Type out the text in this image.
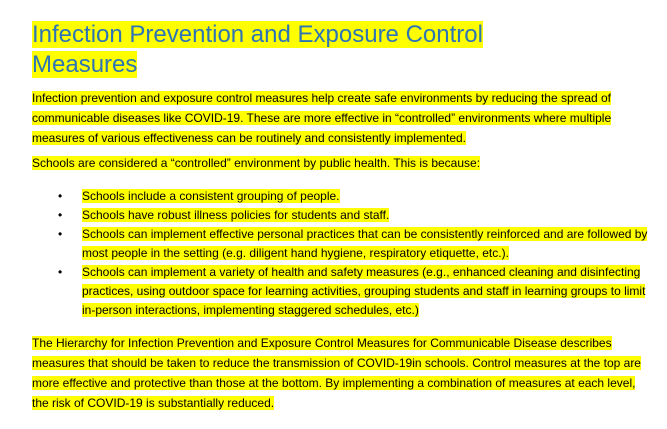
Infection Prevention and Exposure Control Measures

Infection prevention and exposure control measures help create safe environments by reducing the spread of communicable diseases like COVID-19. These are more effective in “controlled” environments where multiple measures of various effectiveness can be routinely and consistently implemented.

Schools are considered a “controlled” environment by public health. This is because:

• Schools include a consistent grouping of people.
• Schools have robust illness policies for students and staff.
• Schools can implement effective personal practices that can be consistently reinforced and are followed by most people in the setting (e.g. diligent hand hygiene, respiratory etiquette, etc.).
• Schools can implement a variety of health and safety measures (e.g., enhanced cleaning and disinfecting practices, using outdoor space for learning activities, grouping students and staff in learning groups to limit in-person interactions, implementing staggered schedules, etc.)

The Hierarchy for Infection Prevention and Exposure Control Measures for Communicable Disease describes measures that should be taken to reduce the transmission of COVID-19in schools. Control measures at the top are more effective and protective than those at the bottom. By implementing a combination of measures at each level, the risk of COVID-19 is substantially reduced.
